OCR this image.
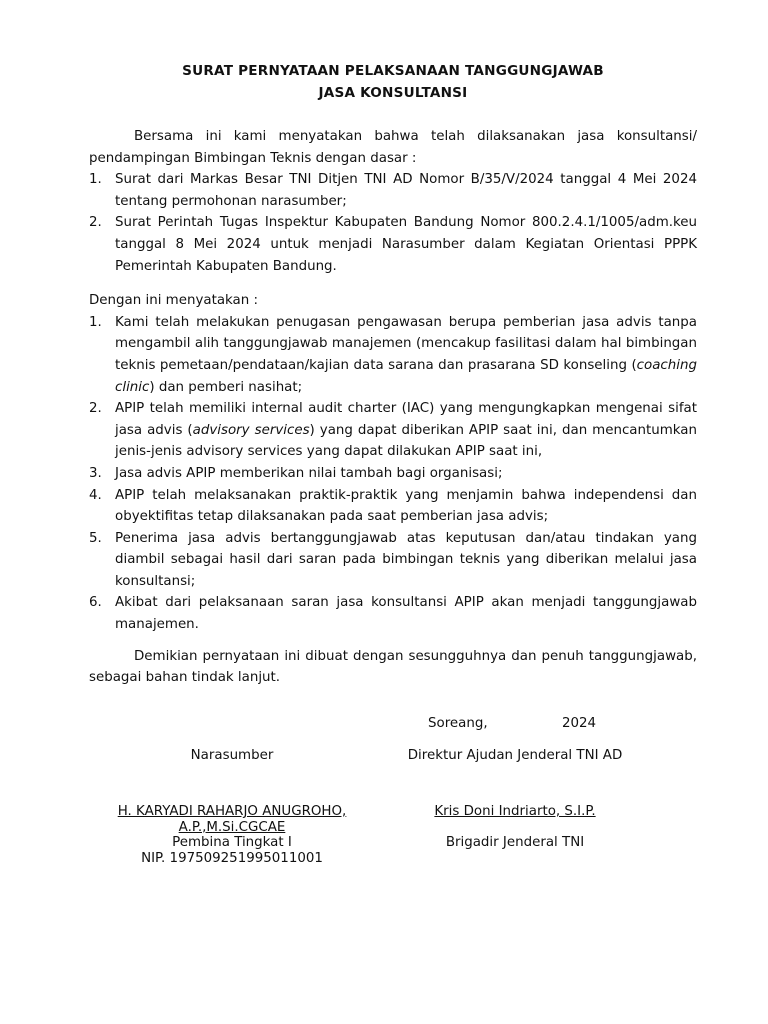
SURAT PERNYATAAN PELAKSANAAN TANGGUNGJAWAB
JASA KONSULTANSI

Bersama ini kami menyatakan bahwa telah dilaksanakan jasa konsultansi/ pendampingan Bimbingan Teknis dengan dasar :

1. Surat dari Markas Besar TNI Ditjen TNI AD Nomor B/35/V/2024 tanggal 4 Mei 2024 tentang permohonan narasumber;
2. Surat Perintah Tugas Inspektur Kabupaten Bandung Nomor 800.2.4.1/1005/adm.keu tanggal 8 Mei 2024 untuk menjadi Narasumber dalam Kegiatan Orientasi PPPK Pemerintah Kabupaten Bandung.

Dengan ini menyatakan :

1. Kami telah melakukan penugasan pengawasan berupa pemberian jasa advis tanpa mengambil alih tanggungjawab manajemen (mencakup fasilitasi dalam hal bimbingan teknis pemetaan/pendataan/kajian data sarana dan prasarana SD konseling (coaching clinic) dan pemberi nasihat;
2. APIP telah memiliki internal audit charter (IAC) yang mengungkapkan mengenai sifat jasa advis (advisory services) yang dapat diberikan APIP saat ini, dan mencantumkan jenis-jenis advisory services yang dapat dilakukan APIP saat ini,
3. Jasa advis APIP memberikan nilai tambah bagi organisasi;
4. APIP telah melaksanakan praktik-praktik yang menjamin bahwa independensi dan obyektifitas tetap dilaksanakan pada saat pemberian jasa advis;
5. Penerima jasa advis bertanggungjawab atas keputusan dan/atau tindakan yang diambil sebagai hasil dari saran pada bimbingan teknis yang diberikan melalui jasa konsultansi;
6. Akibat dari pelaksanaan saran jasa konsultansi APIP akan menjadi tanggungjawab manajemen.

Demikian pernyataan ini dibuat dengan sesungguhnya dan penuh tanggungjawab, sebagai bahan tindak lanjut.

Soreang,	2024
Narasumber	Direktur Ajudan Jenderal TNI AD
H. KARYADI RAHARJO ANUGROHO,
A.P.,M.Si.CGCAE
Pembina Tingkat I
NIP. 197509251995011001
Kris Doni Indriarto, S.I.P.
Brigadir Jenderal TNI
